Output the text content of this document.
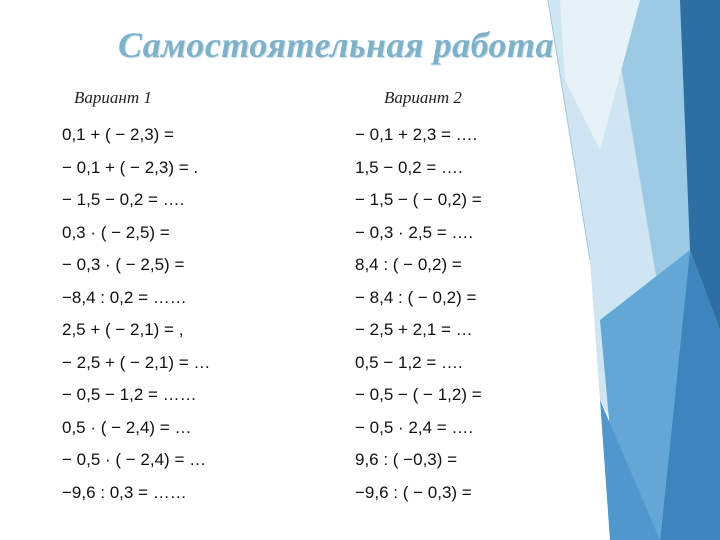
Самостоятельная работа
Вариант 1	Вариант 2
0,1 + ( − 2,3) =
− 0,1 + ( − 2,3) = .
− 1,5 − 0,2 = ….
0,3 · ( − 2,5) =
− 0,3 · ( − 2,5) =
−8,4 : 0,2 = ……
2,5 + ( − 2,1) = ,
− 2,5 + ( − 2,1) = …
− 0,5 − 1,2 = ……
0,5 · ( − 2,4) = …
− 0,5 · ( − 2,4) = …
−9,6 : 0,3 = ……
− 0,1 + 2,3 = ….
1,5 − 0,2 = ….
− 1,5 − ( − 0,2) =
− 0,3 · 2,5 = ….
8,4 : ( − 0,2) =
− 8,4 : ( − 0,2) =
− 2,5 + 2,1 = …
0,5 − 1,2 = ….
− 0,5 − ( − 1,2) =
− 0,5 · 2,4 = ….
9,6 : ( −0,3) =
−9,6 : ( − 0,3) =
